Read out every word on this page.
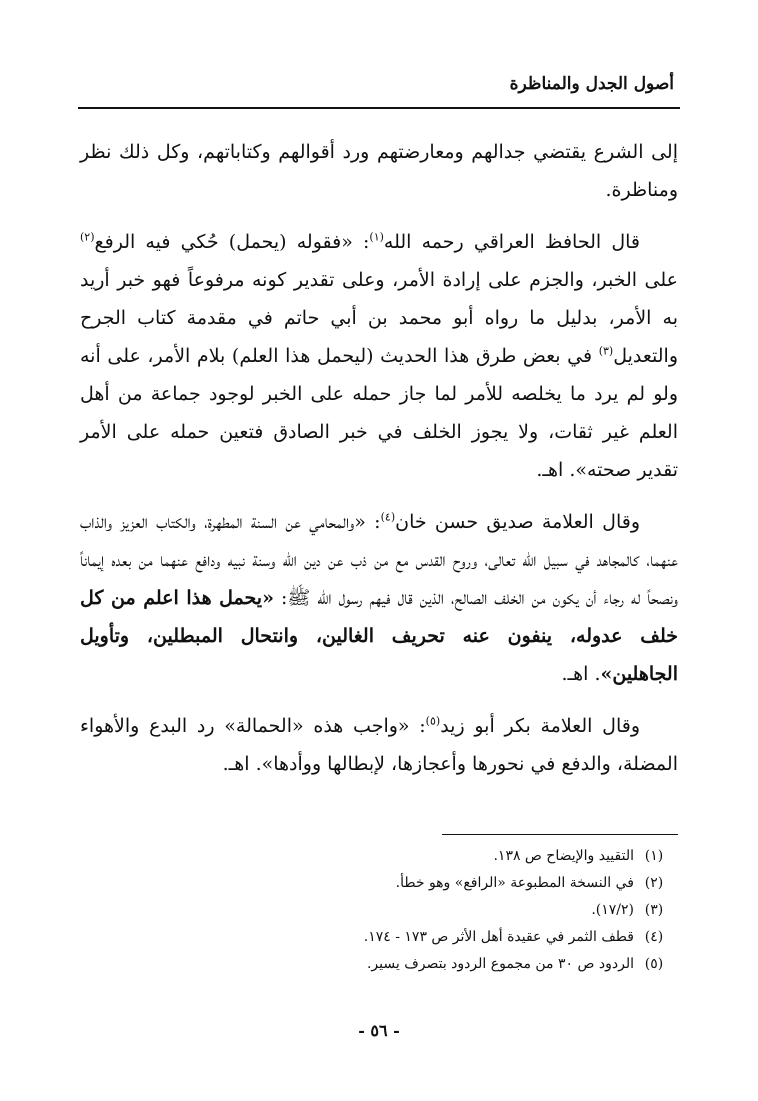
أصول الجدل والمناظرة

إلى الشرع يقتضي جدالهم ومعارضتهم ورد أقوالهم وكتاباتهم، وكل ذلك نظر ومناظرة.

قال الحافظ العراقي رحمه الله$^{(١)}$: «فقوله (يحمل) حُكي فيه الرفع$^{(٢)}$ على الخبر، والجزم على إرادة الأمر، وعلى تقدير كونه مرفوعاً فهو خبر أريد به الأمر، بدليل ما رواه أبو محمد بن أبي حاتم في مقدمة كتاب الجرح والتعديل$^{(٣)}$ في بعض طرق هذا الحديث (ليحمل هذا العلم) بلام الأمر، على أنه ولو لم يرد ما يخلصه للأمر لما جاز حمله على الخبر لوجود جماعة من أهل العلم غير ثقات، ولا يجوز الخلف في خبر الصادق فتعين حمله على الأمر تقدير صحته». اهـ.

وقال العلامة صديق حسن خان$^{(٤)}$: «والمحامي عن السنة المطهرة، والكتاب العزيز والذاب عنهما، كالمجاهد في سبيل الله تعالى، وروح القدس مع من ذب عن دين الله وسنة نبيه ودافع عنهما من بعده إيماناً ونصحاً له رجاء أن يكون من الخلف الصالح، الذين قال فيهم رسول الله ﷺ: «يحمل هذا اعلم من كل خلف عدوله، ينفون عنه تحريف الغالين، وانتحال المبطلين، وتأويل الجاهلين». اهـ.

وقال العلامة بكر أبو زيد$^{(٥)}$: «واجب هذه «الحمالة» رد البدع والأهواء المضلة، والدفع في نحورها وأعجازها، لإبطالها ووأدها». اهـ.

(١)التقييد والإيضاح ص ١٣٨.
(٢)في النسخة المطبوعة «الرافع» وهو خطأ.
(٣)(١٧/٢).
(٤)قطف الثمر في عقيدة أهل الأثر ص ١٧٣ - ١٧٤.
(٥)الردود ص ٣٠ من مجموع الردود بتصرف يسير.
- ٥٦ -
